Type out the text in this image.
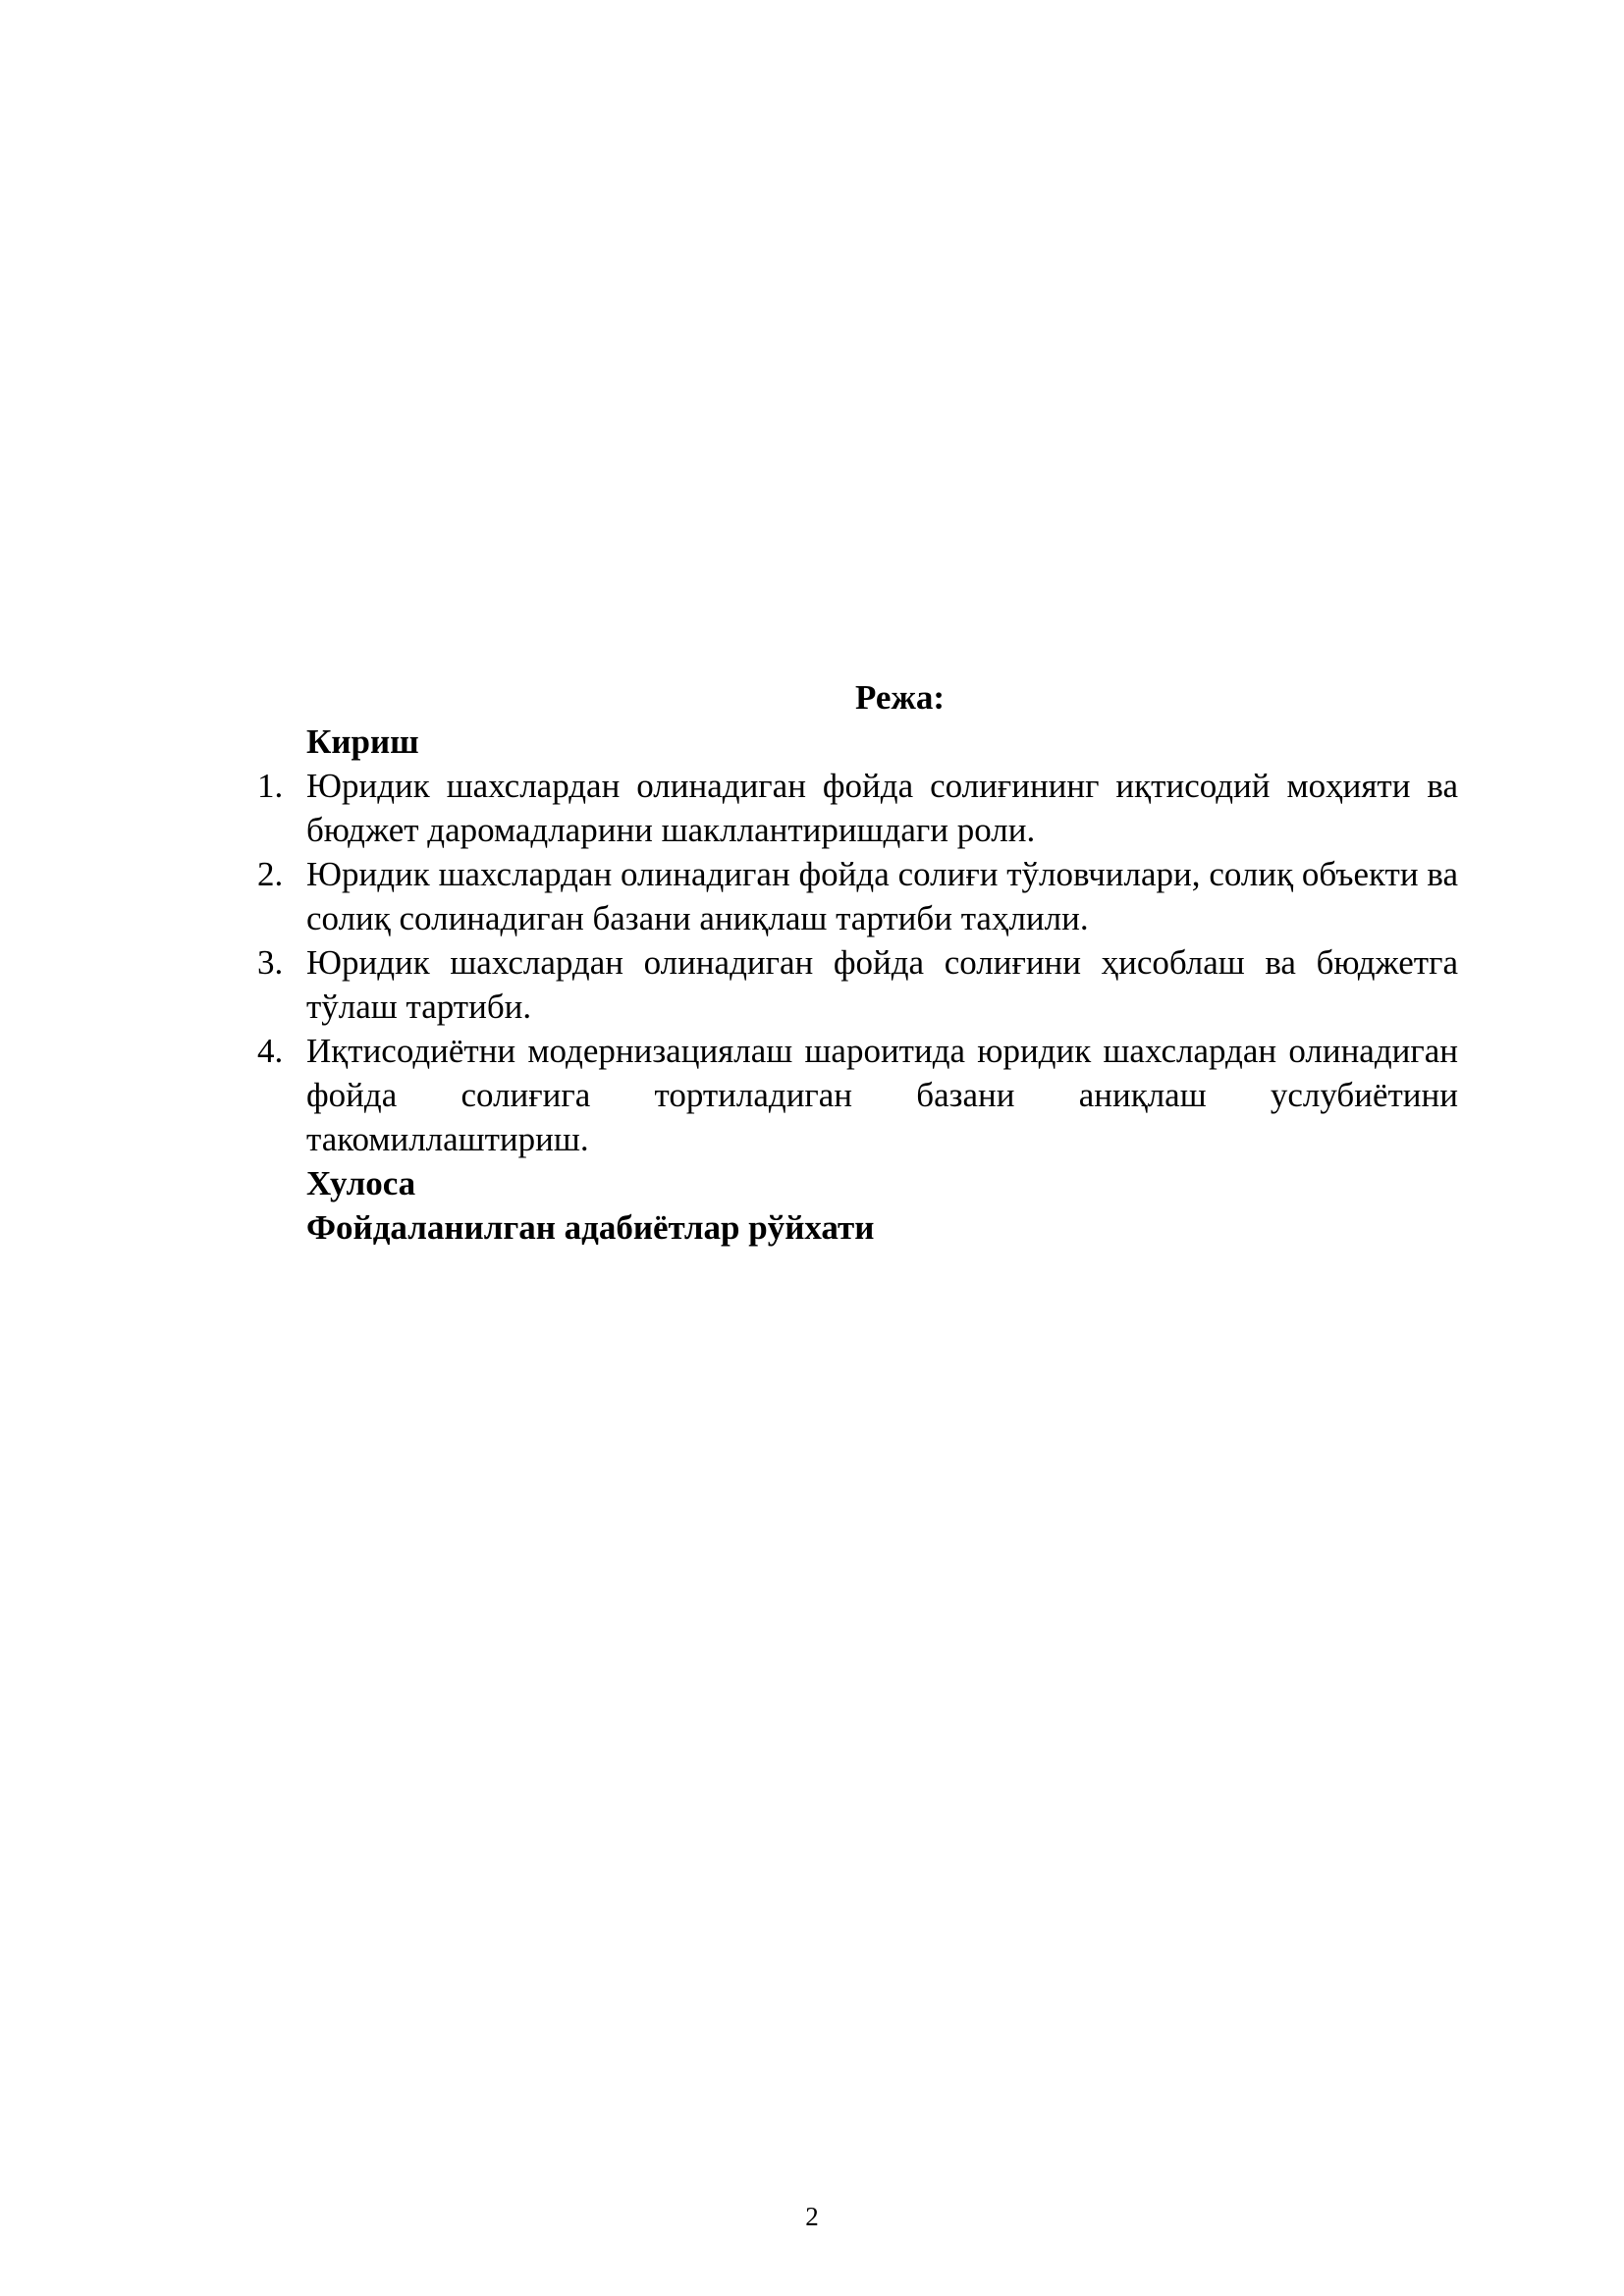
Режа:

Кириш

1. Юридик шахслардан олинадиган фойда солиғининг иқтисодий моҳияти ва бюджет даромадларини шакллантиришдаги роли.
2. Юридик шахслардан олинадиган фойда солиғи тўловчилари, солиқ объекти ва солиқ солинадиган базани аниқлаш тартиби таҳлили.
3. Юридик шахслардан олинадиган фойда солиғини ҳисоблаш ва бюджетга тўлаш тартиби.
4. Иқтисодиётни модернизациялаш шароитида юридик шахслардан олинадиган фойда солиғига тортиладиган базани аниқлаш услубиётини такомиллаштириш.

Хулоса

Фойдаланилган адабиётлар рўйхати

2
